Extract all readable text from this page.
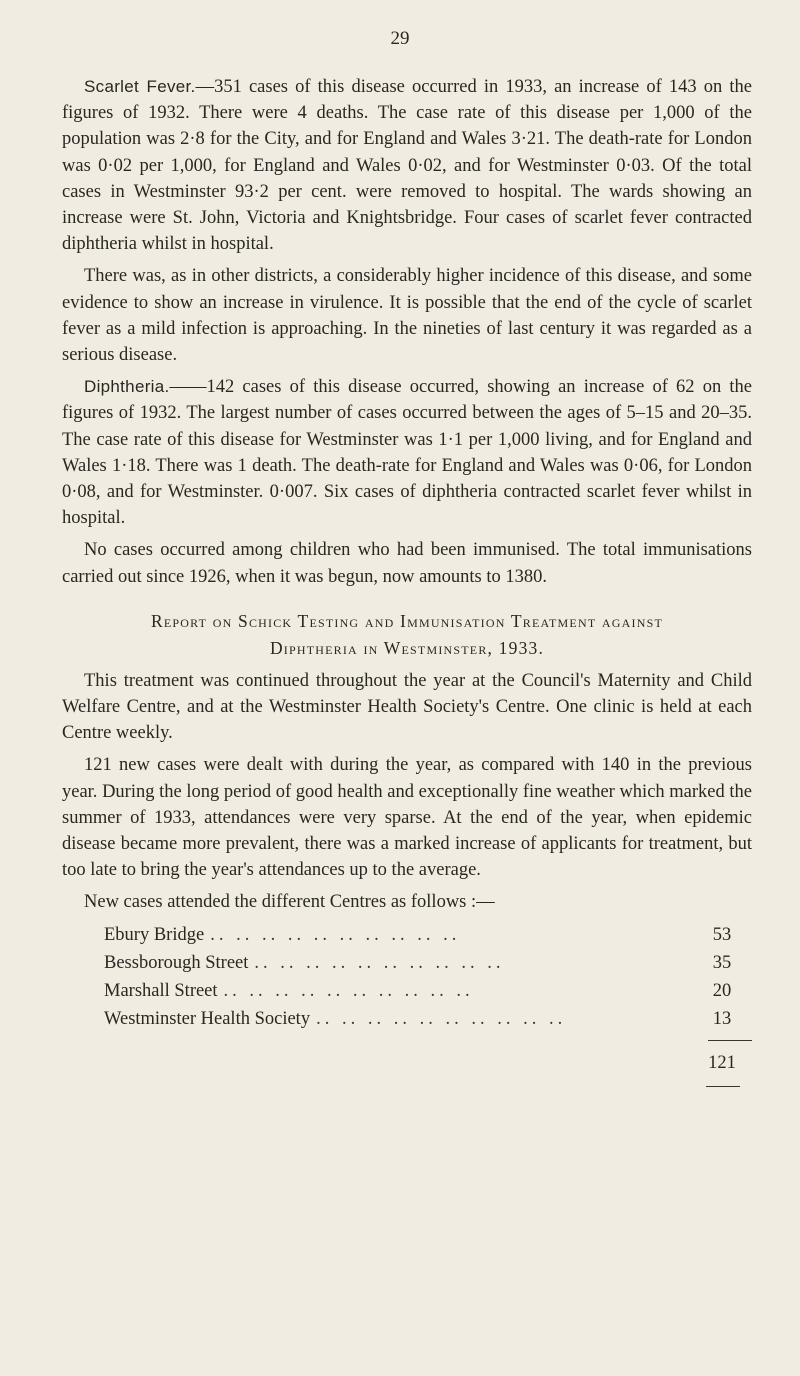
29

Scarlet Fever.—351 cases of this disease occurred in 1933, an increase of 143 on the figures of 1932. There were 4 deaths. The case rate of this disease per 1,000 of the population was 2·8 for the City, and for England and Wales 3·21. The death-rate for London was 0·02 per 1,000, for England and Wales 0·02, and for Westminster 0·03. Of the total cases in Westminster 93·2 per cent. were removed to hospital. The wards showing an increase were St. John, Victoria and Knightsbridge. Four cases of scarlet fever contracted diphtheria whilst in hospital.

There was, as in other districts, a considerably higher incidence of this disease, and some evidence to show an increase in virulence. It is possible that the end of the cycle of scarlet fever as a mild infection is approaching. In the nineties of last century it was regarded as a serious disease.

Diphtheria.——142 cases of this disease occurred, showing an increase of 62 on the figures of 1932. The largest number of cases occurred between the ages of 5–15 and 20–35. The case rate of this disease for Westminster was 1·1 per 1,000 living, and for England and Wales 1·18. There was 1 death. The death-rate for England and Wales was 0·06, for London 0·08, and for Westminster. 0·007. Six cases of diphtheria contracted scarlet fever whilst in hospital.

No cases occurred among children who had been immunised. The total immunisations carried out since 1926, when it was begun, now amounts to 1380.

Report on Schick Testing and Immunisation Treatment against
Diphtheria in Westminster, 1933.

This treatment was continued throughout the year at the Council's Maternity and Child Welfare Centre, and at the Westminster Health Society's Centre. One clinic is held at each Centre weekly.

121 new cases were dealt with during the year, as compared with 140 in the previous year. During the long period of good health and exceptionally fine weather which marked the summer of 1933, attendances were very sparse. At the end of the year, when epidemic disease became more prevalent, there was a marked increase of applicants for treatment, but too late to bring the year's attendances up to the average.

New cases attended the different Centres as follows :—

Ebury Bridge .. .. .. .. .. .. .. .. .. ..	53
Bessborough Street .. .. .. .. .. .. .. .. .. ..	35
Marshall Street .. .. .. .. .. .. .. .. .. ..	20
Westminster Health Society .. .. .. .. .. .. .. .. .. ..	13
121
